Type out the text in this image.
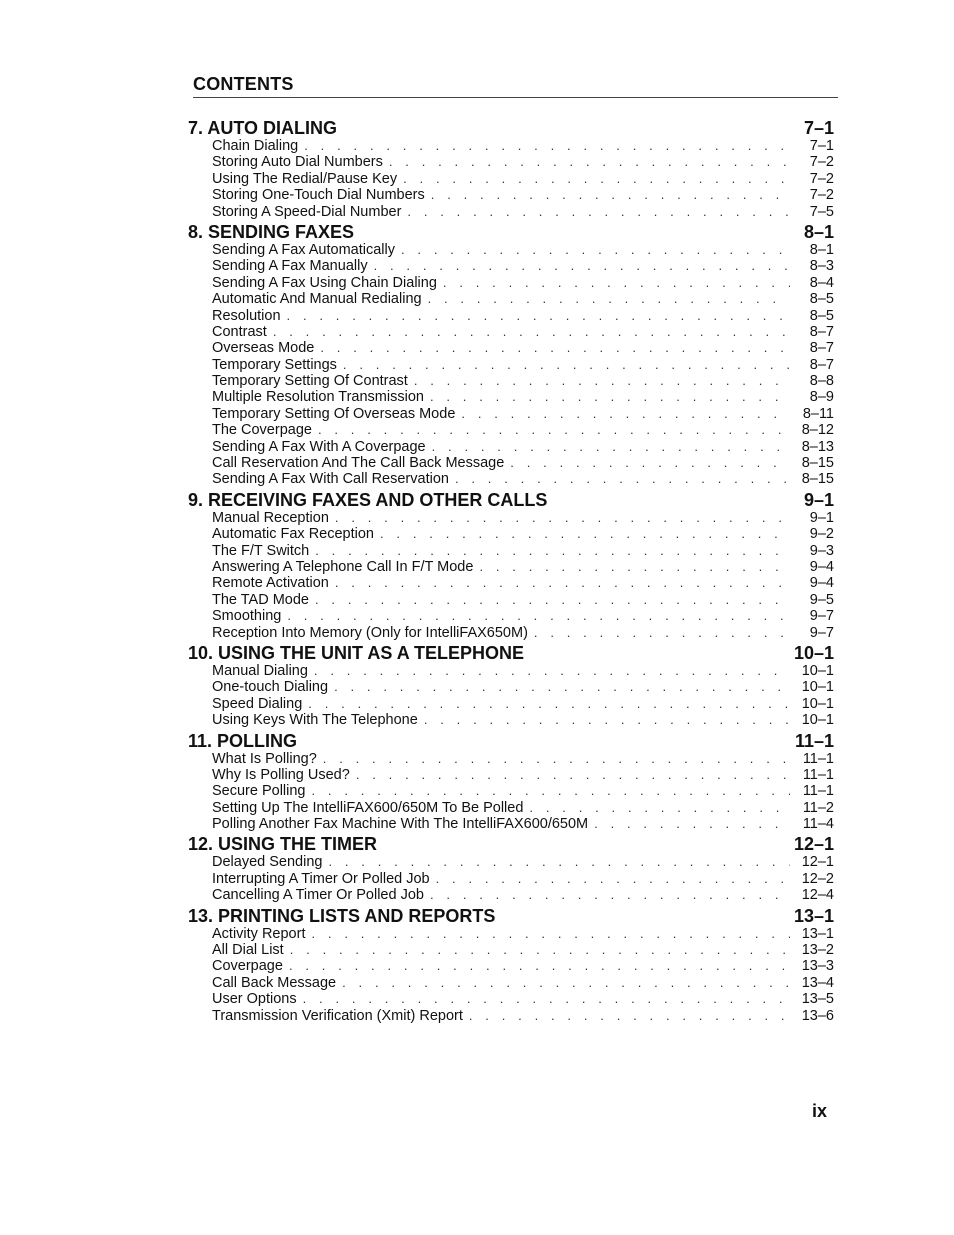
CONTENTS
7. AUTO DIALING	7–1
Chain Dialing . . .	7–1
Storing Auto Dial Numbers . . .	7–2
Using The Redial/Pause Key . . .	7–2
Storing One-Touch Dial Numbers . . .	7–2
Storing A Speed-Dial Number . . .	7–5
8. SENDING FAXES	8–1
Sending A Fax Automatically . . .	8–1
Sending A Fax Manually . . .	8–3
Sending A Fax Using Chain Dialing . . .	8–4
Automatic And Manual Redialing . . .	8–5
Resolution . . .	8–5
Contrast . . .	8–7
Overseas Mode . . .	8–7
Temporary Settings . . .	8–7
Temporary Setting Of Contrast . . .	8–8
Multiple Resolution Transmission . . .	8–9
Temporary Setting Of Overseas Mode . . .	8–11
The Coverpage . . .	8–12
Sending A Fax With A Coverpage . . .	8–13
Call Reservation And The Call Back Message . . .	8–15
Sending A Fax With Call Reservation . . .	8–15
9. RECEIVING FAXES AND OTHER CALLS	9–1
Manual Reception . . .	9–1
Automatic Fax Reception . . .	9–2
The F/T Switch . . .	9–3
Answering A Telephone Call In F/T Mode . . .	9–4
Remote Activation . . .	9–4
The TAD Mode . . .	9–5
Smoothing . . .	9–7
Reception Into Memory (Only for IntelliFAX650M) . . .	9–7
10. USING THE UNIT AS A TELEPHONE	10–1
Manual Dialing . . .	10–1
One-touch Dialing . . .	10–1
Speed Dialing . . .	10–1
Using Keys With The Telephone . . .	10–1
11. POLLING	11–1
What Is Polling? . . .	11–1
Why Is Polling Used? . . .	11–1
Secure Polling . . .	11–1
Setting Up The IntelliFAX600/650M To Be Polled . . .	11–2
Polling Another Fax Machine With The IntelliFAX600/650M . . .	11–4
12. USING THE TIMER	12–1
Delayed Sending . . .	12–1
Interrupting A Timer Or Polled Job . . .	12–2
Cancelling A Timer Or Polled Job . . .	12–4
13. PRINTING LISTS AND REPORTS	13–1
Activity Report . . .	13–1
All Dial List . . .	13–2
Coverpage . . .	13–3
Call Back Message . . .	13–4
User Options . . .	13–5
Transmission Verification (Xmit) Report . . .	13–6
ix
